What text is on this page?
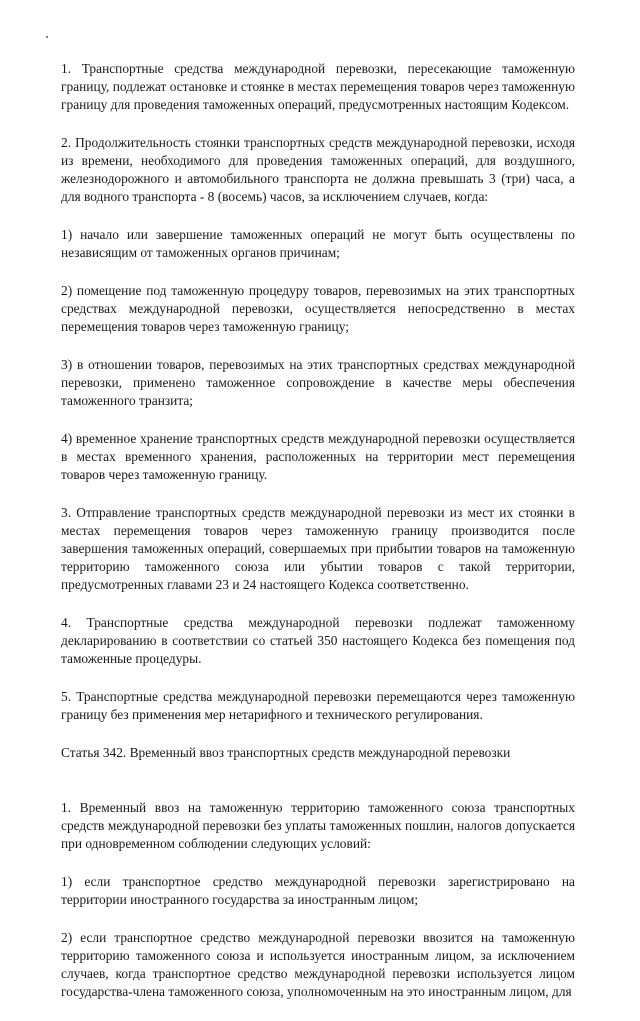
1. Транспортные средства международной перевозки, пересекающие таможенную границу, подлежат остановке и стоянке в местах перемещения товаров через таможенную границу для проведения таможенных операций, предусмотренных настоящим Кодексом.

2. Продолжительность стоянки транспортных средств международной перевозки, исходя из времени, необходимого для проведения таможенных операций, для воздушного, железнодорожного и автомобильного транспорта не должна превышать 3 (три) часа, а для водного транспорта - 8 (восемь) часов, за исключением случаев, когда:

1) начало или завершение таможенных операций не могут быть осуществлены по независящим от таможенных органов причинам;

2) помещение под таможенную процедуру товаров, перевозимых на этих транспортных средствах международной перевозки, осуществляется непосредственно в местах перемещения товаров через таможенную границу;

3) в отношении товаров, перевозимых на этих транспортных средствах международной перевозки, применено таможенное сопровождение в качестве меры обеспечения таможенного транзита;

4) временное хранение транспортных средств международной перевозки осуществляется в местах временного хранения, расположенных на территории мест перемещения товаров через таможенную границу.

3. Отправление транспортных средств международной перевозки из мест их стоянки в местах перемещения товаров через таможенную границу производится после завершения таможенных операций, совершаемых при прибытии товаров на таможенную территорию таможенного союза или убытии товаров с такой территории, предусмотренных главами 23 и 24 настоящего Кодекса соответственно.

4. Транспортные средства международной перевозки подлежат таможенному декларированию в соответствии со статьей 350 настоящего Кодекса без помещения под таможенные процедуры.

5. Транспортные средства международной перевозки перемещаются через таможенную границу без применения мер нетарифного и технического регулирования.

Статья 342. Временный ввоз транспортных средств международной перевозки

1. Временный ввоз на таможенную территорию таможенного союза транспортных средств международной перевозки без уплаты таможенных пошлин, налогов допускается при одновременном соблюдении следующих условий:

1) если транспортное средство международной перевозки зарегистрировано на территории иностранного государства за иностранным лицом;

2) если транспортное средство международной перевозки ввозится на таможенную территорию таможенного союза и используется иностранным лицом, за исключением случаев, когда транспортное средство международной перевозки используется лицом государства-члена таможенного союза, уполномоченным на это иностранным лицом, для
